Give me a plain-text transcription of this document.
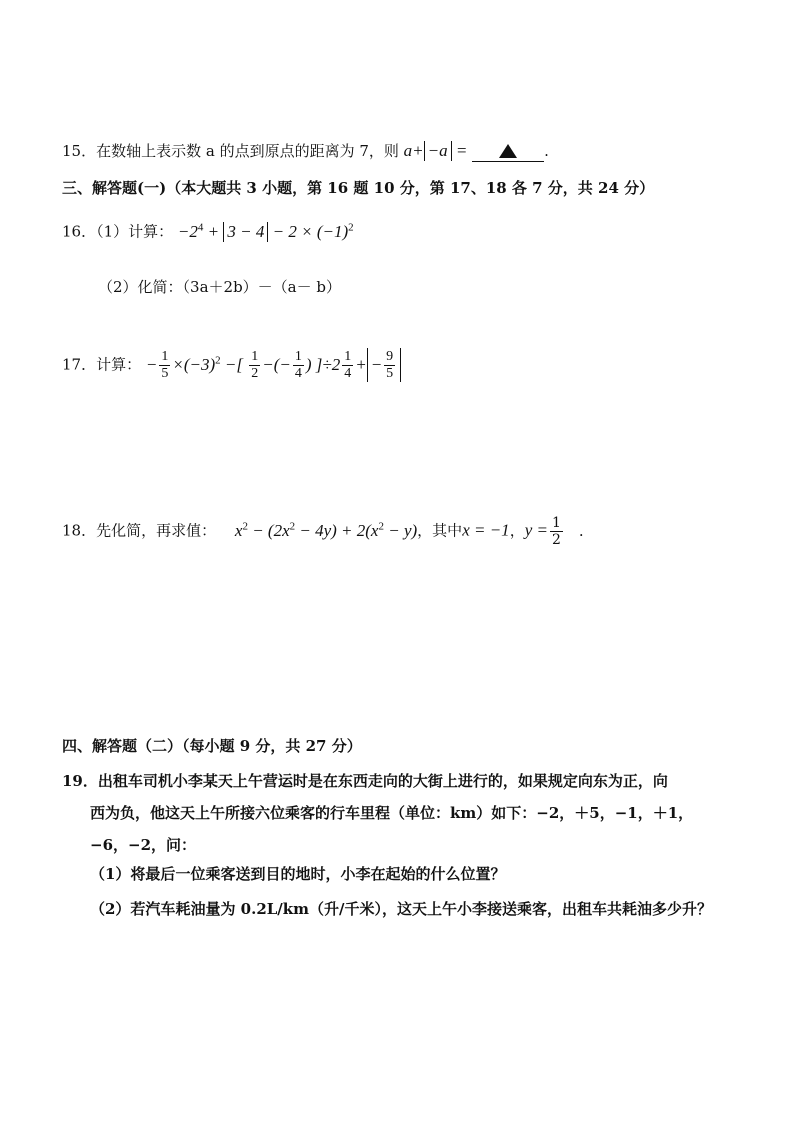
15．在数轴上表示数 a 的点到原点的距离为 7，则 a+ −a =	.
三、解答题(一)（本大题共 3 小题，第 16 题 10 分，第 17、18 各 7 分，共 24 分）
16．（1）计算： $-2^4 + 3 - 4 - 2 \times (-1)^2$
（2）化简：（3a＋2b）－（a－ b）
17．计算： − $\frac{1}{5} \times(-3)^2$ −[ $\frac{1}{2}$ −(− $\frac{1}{4}$ ) ]$\div 2 \frac{1}{4}$ + − $\frac{9}{5}$
18．先化简，再求值： $x^2 - (2x^2 - 4y) + 2(x^2 - y)$，其中x = −1，$y = \frac{1}{2}$ .
四、解答题（二）（每小题 9 分，共 27 分）
19．出租车司机小李某天上午营运时是在东西走向的大街上进行的，如果规定向东为正，向
西为负，他这天上午所接六位乘客的行车里程（单位：km）如下：−2，＋5，−1，＋1，
−6，−2，问：
（1）将最后一位乘客送到目的地时，小李在起始的什么位置？
（2）若汽车耗油量为 0.2L/km（升/千米），这天上午小李接送乘客，出租车共耗油多少升？
